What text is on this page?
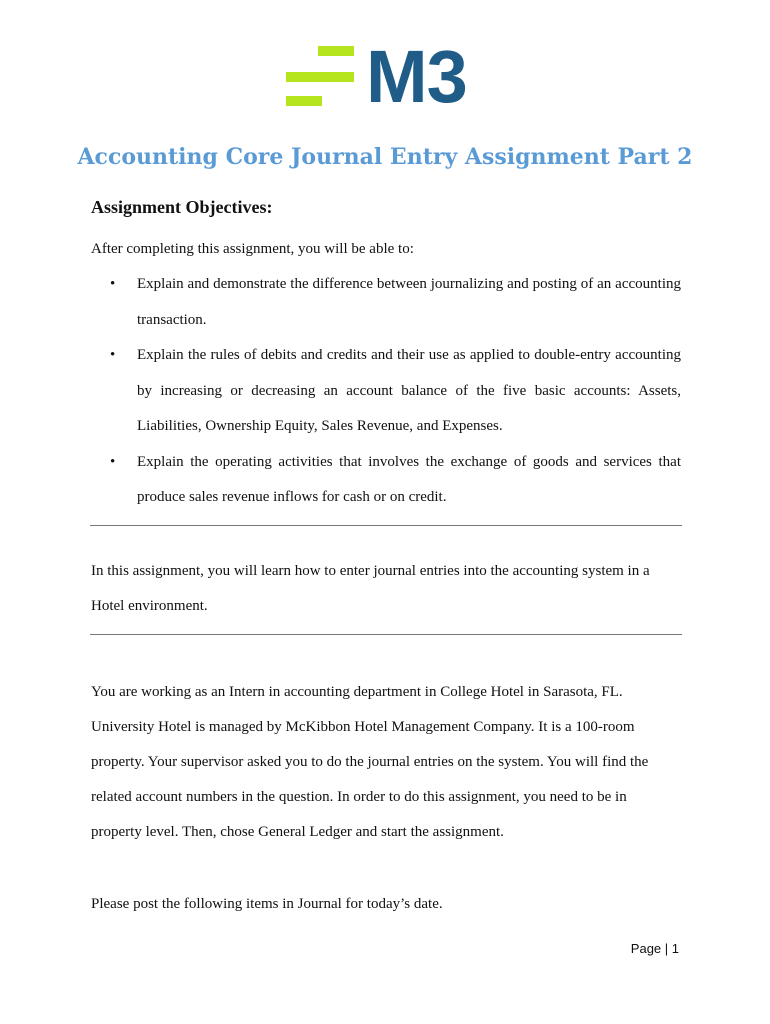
M3
Accounting Core Journal Entry Assignment Part 2
Assignment Objectives:
After completing this assignment, you will be able to:
• Explain and demonstrate the difference between journalizing and posting of an accounting transaction.
• Explain the rules of debits and credits and their use as applied to double-entry accounting by increasing or decreasing an account balance of the five basic accounts: Assets, Liabilities, Ownership Equity, Sales Revenue, and Expenses.
• Explain the operating activities that involves the exchange of goods and services that produce sales revenue inflows for cash or on credit.
In this assignment, you will learn how to enter journal entries into the accounting system in a Hotel environment.
You are working as an Intern in accounting department in College Hotel in Sarasota, FL. University Hotel is managed by McKibbon Hotel Management Company. It is a 100-room property. Your supervisor asked you to do the journal entries on the system. You will find the related account numbers in the question. In order to do this assignment, you need to be in property level. Then, chose General Ledger and start the assignment.
Please post the following items in Journal for today’s date.
Page | 1
